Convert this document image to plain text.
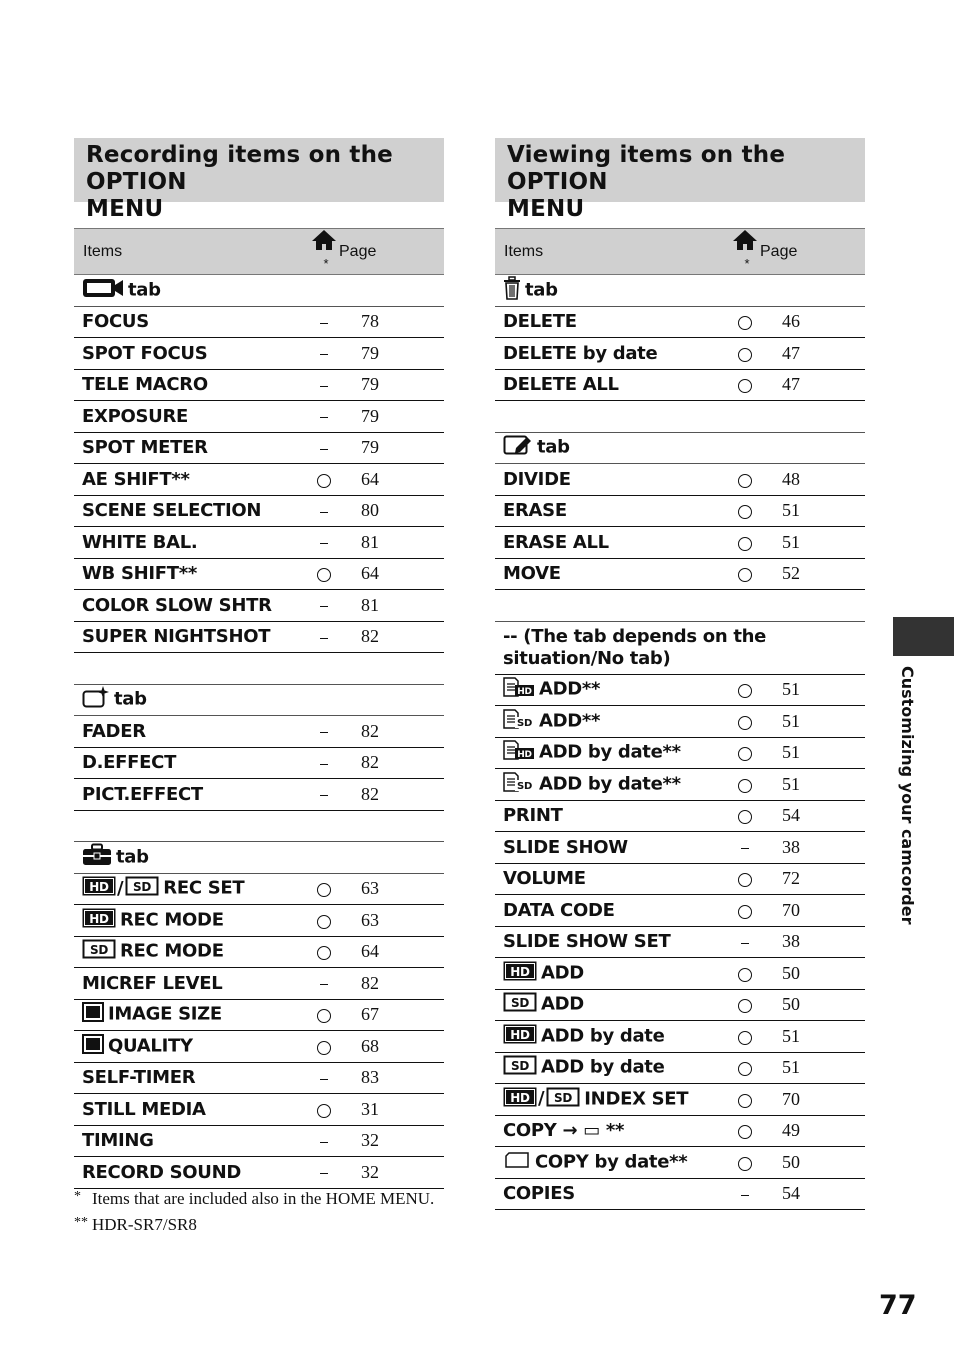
Recording items on the OPTION
MENU
Items	*	Page
tab		
FOCUS		78
SPOT FOCUS		79
TELE MACRO		79
EXPOSURE		79
SPOT METER		79
AE SHIFT**		64
SCENE SELECTION		80
WHITE BAL.		81
WB SHIFT**		64
COLOR SLOW SHTR		81
SUPER NIGHTSHOT		82

tab		
FADER		82
D.EFFECT		82
PICT.EFFECT		82

tab		

HD / SD REC SET		63

HD REC MODE		63

SD REC MODE		64
MICREF LEVEL		82
IMAGE SIZE		67
QUALITY		68
SELF-TIMER		83
STILL MEDIA		31
TIMING		32
RECORD SOUND		32
Viewing items on the OPTION
MENU
Items	*	Page
tab		
DELETE		46
DELETE by date		47
DELETE ALL		47

tab		
DIVIDE		48
ERASE		51
ERASE ALL		51
MOVE		52

-- (The tab depends on the situation/No tab)		

HD ADD**		51

SD ADD**		51

HD ADD by date**		51

SD ADD by date**		51
PRINT		54
SLIDE SHOW		38
VOLUME		72
DATA CODE		70
SLIDE SHOW SET		38

HD ADD		50

SD ADD		50

HD ADD by date		51

SD ADD by date		51

HD / SD INDEX SET		70
COPY → ▭ **		49
COPY by date**		50
COPIES		54
* Items that are included also in the HOME MENU.
** HDR-SR7/SR8
Customizing your camcorder
77
